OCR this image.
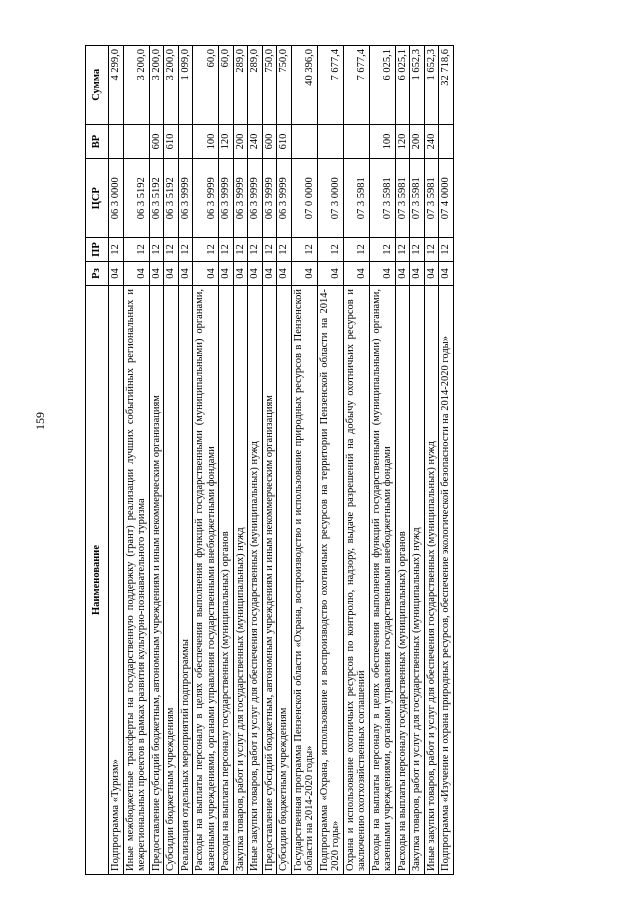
159
Наименование	Рз	ПР	ЦСР	ВР	Сумма
Подпрограмма «Туризм»	04	12	06 3 0000		4 299,0
Иные межбюджетные трансферты на государственную поддержку (грант) реализации лучших событийных региональных и межрегиональных проектов в рамках развития культурно-познавательного туризма	04	12	06 3 5192		3 200,0
Предоставление субсидий бюджетным, автономным учреждениям и иным некоммерческим организациям	04	12	06 3 5192	600	3 200,0
Субсидии бюджетным учреждениям	04	12	06 3 5192	610	3 200,0
Реализация отдельных мероприятий подпрограммы	04	12	06 3 9999		1 099,0
Расходы на выплаты персоналу в целях обеспечения выполнения функций государственными (муниципальными) органами, казенными учреждениями, органами управления государственными внебюджетными фондами	04	12	06 3 9999	100	60,0
Расходы на выплаты персоналу государственных (муниципальных) органов	04	12	06 3 9999	120	60,0
Закупка товаров, работ и услуг для государственных (муниципальных) нужд	04	12	06 3 9999	200	289,0
Иные закупки товаров, работ и услуг для обеспечения государственных (муниципальных) нужд	04	12	06 3 9999	240	289,0
Предоставление субсидий бюджетным, автономным учреждениям и иным некоммерческим организациям	04	12	06 3 9999	600	750,0
Субсидии бюджетным учреждениям	04	12	06 3 9999	610	750,0
Государственная программа Пензенской области «Охрана, воспроизводство и использование природных ресурсов в Пензенской области на 2014-2020 годы»	04	12	07 0 0000		40 396,0
Подпрограмма «Охрана, использование и воспроизводство охотничьих ресурсов на территории Пензенской области на 2014-2020 годы»	04	12	07 3 0000		7 677,4
Охрана и использование охотничьих ресурсов по контролю, надзору, выдаче разрешений на добычу охотничьих ресурсов и заключению охотхозяйственных соглашений	04	12	07 3 5981		7 677,4
Расходы на выплаты персоналу в целях обеспечения выполнения функций государственными (муниципальными) органами, казенными учреждениями, органами управления государственными внебюджетными фондами	04	12	07 3 5981	100	6 025,1
Расходы на выплаты персоналу государственных (муниципальных) органов	04	12	07 3 5981	120	6 025,1
Закупка товаров, работ и услуг для государственных (муниципальных) нужд	04	12	07 3 5981	200	1 652,3
Иные закупки товаров, работ и услуг для обеспечения государственных (муниципальных) нужд	04	12	07 3 5981	240	1 652,3
Подпрограмма «Изучение и охрана природных ресурсов, обеспечение экологической безопасности на 2014-2020 годы»	04	12	07 4 0000		32 718,6
